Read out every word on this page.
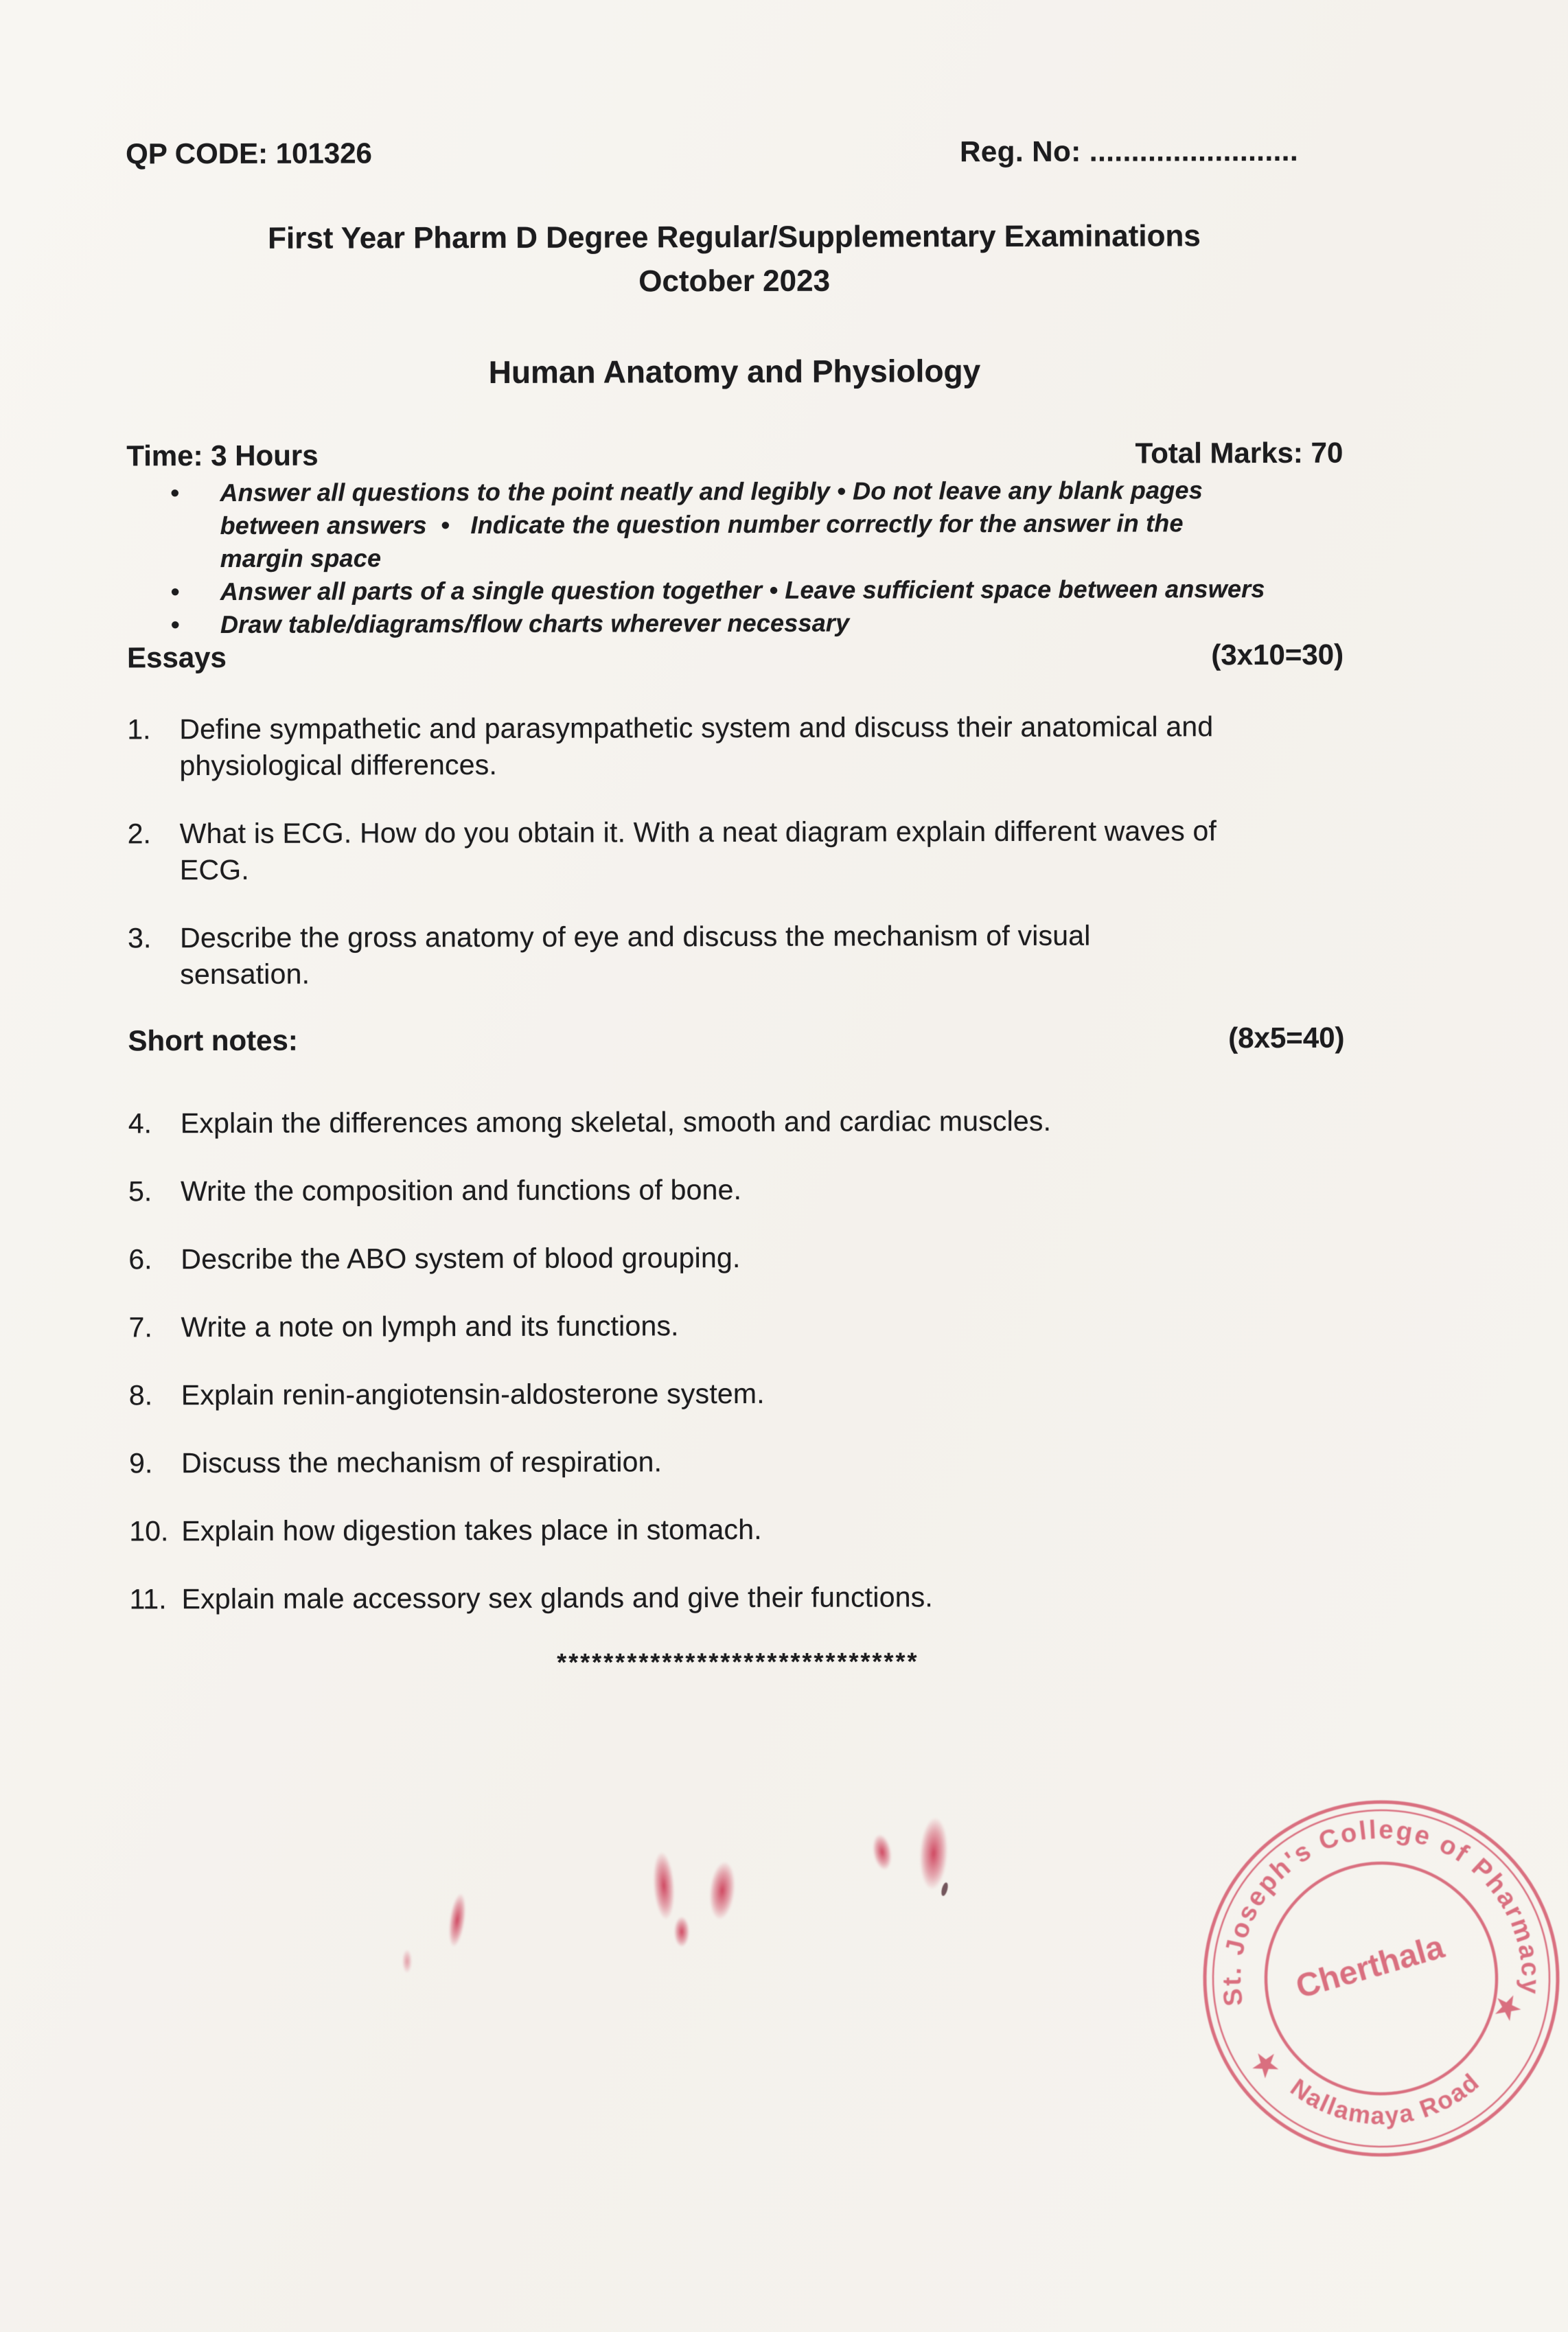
QP CODE: 101326	Reg. No: .........................
First Year Pharm D Degree Regular/Supplementary Examinations
October 2023
Human Anatomy and Physiology
Time: 3 Hours	Total Marks: 70
•	Answer all questions to the point neatly and legibly • Do not leave any blank pages
between answers  •   Indicate the question number correctly for the answer in the
margin space
•	Answer all parts of a single question together • Leave sufficient space between answers
•	Draw table/diagrams/flow charts wherever necessary
Essays	(3x10=30)
1.	Define sympathetic and parasympathetic system and discuss their anatomical and
physiological differences.
2.	What is ECG. How do you obtain it. With a neat diagram explain different waves of
ECG.
3.	Describe the gross anatomy of eye and discuss the mechanism of visual
sensation.
Short notes:	(8x5=40)
4.	Explain the differences among skeletal, smooth and cardiac muscles.
5.	Write the composition and functions of bone.
6.	Describe the ABO system of blood grouping.
7.	Write a note on lymph and its functions.
8.	Explain renin-angiotensin-aldosterone system.
9.	Discuss the mechanism of respiration.
10. Explain how digestion takes place in stomach.
11. Explain male accessory sex glands and give their functions.
*******************************
St. Joseph's College of Pharmacy
Nallamaya Road
Cherthala
★
★
